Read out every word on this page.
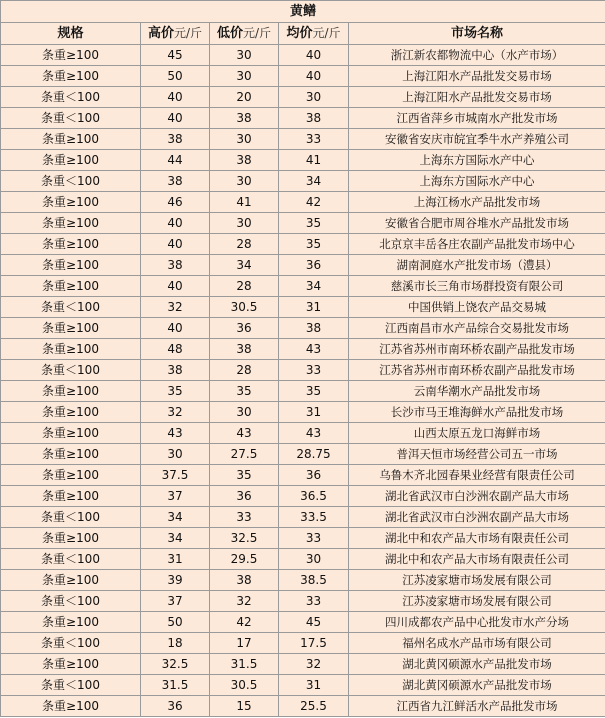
黄鳝				
规格	高价元/斤	低价元/斤	均价元/斤	市场名称
条重≥100	45	30	40	浙江新农都物流中心（水产市场）
条重≥100	50	30	40	上海江阳水产品批发交易市场
条重＜100	40	20	30	上海江阳水产品批发交易市场
条重＜100	40	38	38	江西省萍乡市城南水产批发市场
条重≥100	38	30	33	安徽省安庆市皖宜季牛水产养殖公司
条重≥100	44	38	41	上海东方国际水产中心
条重＜100	38	30	34	上海东方国际水产中心
条重≥100	46	41	42	上海江杨水产品批发市场
条重≥100	40	30	35	安徽省合肥市周谷堆水产品批发市场
条重≥100	40	28	35	北京京丰岳各庄农副产品批发市场中心
条重≥100	38	34	36	湖南洞庭水产批发市场（澧县）
条重≥100	40	28	34	慈溪市长三角市场群投资有限公司
条重＜100	32	30.5	31	中国供销上饶农产品交易城
条重≥100	40	36	38	江西南昌市水产品综合交易批发市场
条重≥100	48	38	43	江苏省苏州市南环桥农副产品批发市场
条重＜100	38	28	33	江苏省苏州市南环桥农副产品批发市场
条重≥100	35	35	35	云南华潮水产品批发市场
条重≥100	32	30	31	长沙市马王堆海鲜水产品批发市场
条重≥100	43	43	43	山西太原五龙口海鲜市场
条重≥100	30	27.5	28.75	普洱天恒市场经营公司五一市场
条重≥100	37.5	35	36	乌鲁木齐北园春果业经营有限责任公司
条重≥100	37	36	36.5	湖北省武汉市白沙洲农副产品大市场
条重＜100	34	33	33.5	湖北省武汉市白沙洲农副产品大市场
条重≥100	34	32.5	33	湖北中和农产品大市场有限责任公司
条重＜100	31	29.5	30	湖北中和农产品大市场有限责任公司
条重≥100	39	38	38.5	江苏凌家塘市场发展有限公司
条重＜100	37	32	33	江苏凌家塘市场发展有限公司
条重≥100	50	42	45	四川成都农产品中心批发市水产分场
条重＜100	18	17	17.5	福州名成水产品市场有限公司
条重≥100	32.5	31.5	32	湖北黄冈硕源水产品批发市场
条重＜100	31.5	30.5	31	湖北黄冈硕源水产品批发市场
条重≥100	36	15	25.5	江西省九江鲜活水产品批发市场
